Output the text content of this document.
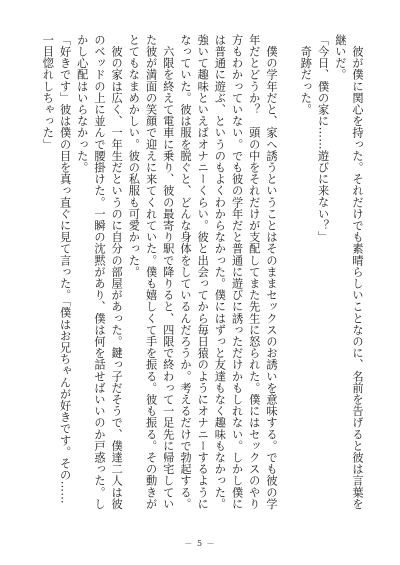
　彼が僕に関心を持った。それだけでも素晴らしいことなのに、名前を告げると彼は言葉を

継いだ。

「今日、僕の家に……遊びに来ない？」

　奇跡だった。

　僕の学年だと、家へ誘うということはそのままセックスのお誘いを意味する。でも彼の学

年だとどうか？　頭の中をそれだけが支配してまた先生に怒られた。僕にはセックスのやり

方もわかっていない。でも彼の学年だと普通に遊びに誘っただけかもしれない。しかし僕に

は普通に遊ぶ、というのもよくわからなかった。僕にはずっと友達もなく趣味もなかった。

強いて趣味といえばオナニーくらい。彼と出会ってから毎日猿のようにオナニーするように

なっていた。彼は服を脱ぐと、どんな身体をしているんだろうか。考えるだけで勃起する。

　六限を終えて電車に乗り、彼の最寄り駅で降りると、四限で終わって一足先に帰宅してい

た彼が満面の笑顔で迎えに来てくれていた。僕も嬉しくて手を振る。彼も振る。その動きが

とてもなまめかしい。彼の私服も可愛かった。

　彼の家は広く、一年生だというのに自分の部屋があった。鍵っ子だそうで、僕達二人は彼

のベッドの上に並んで腰掛けた。一瞬の沈黙があり、僕は何を話せばいいのか戸惑った。し

かし心配はいらなかった。

「好きです」彼は僕の目を真っ直ぐに見て言った。「僕はお兄ちゃんが好きです。その……

一目惚れしちゃった」

－ 5 －
